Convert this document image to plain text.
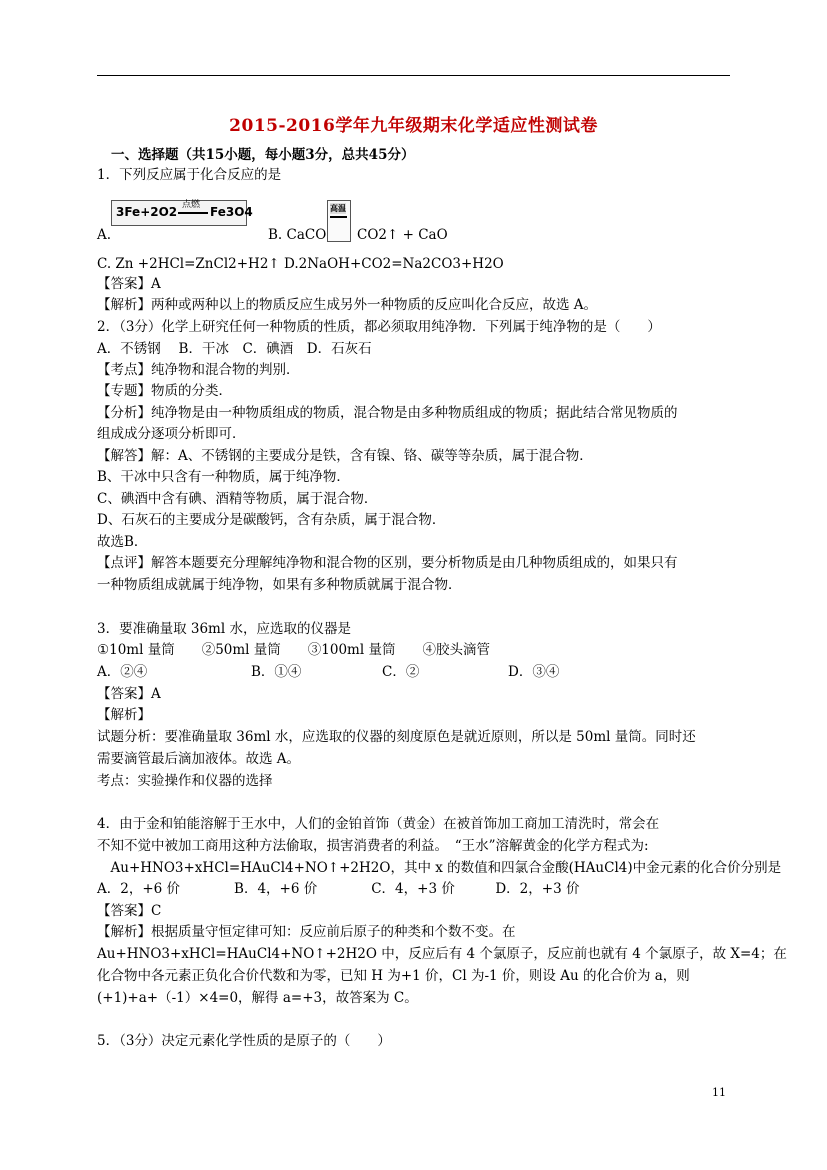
2015-2016学年九年级期末化学适应性测试卷
一、选择题（共15小题，每小题3分，总共45分）
1．下列反应属于化合反应的是
3Fe+2O2 点燃 Fe3O4
A.	B. CaCO
高温
CO2↑ + CaO
C. Zn +2HCl=ZnCl2+H2↑ D.2NaOH+CO2=Na2CO3+H2O
【答案】A
【解析】两种或两种以上的物质反应生成另外一种物质的反应叫化合反应，故选 A。
2．（3分）化学上研究任何一种物质的性质，都必须取用纯净物．下列属于纯净物的是（　　）
A．不锈钢　 B．干冰　C．碘酒　D．石灰石
【考点】纯净物和混合物的判别．
【专题】物质的分类．
【分析】纯净物是由一种物质组成的物质，混合物是由多种物质组成的物质；据此结合常见物质的
组成成分逐项分析即可．
【解答】解：A、不锈钢的主要成分是铁，含有镍、铬、碳等等杂质，属于混合物．
B、干冰中只含有一种物质，属于纯净物．
C、碘酒中含有碘、酒精等物质，属于混合物．
D、石灰石的主要成分是碳酸钙，含有杂质，属于混合物．
故选B．
【点评】解答本题要充分理解纯净物和混合物的区别，要分析物质是由几种物质组成的，如果只有
一种物质组成就属于纯净物，如果有多种物质就属于混合物．
3．要准确量取 36ml 水，应选取的仪器是
①10ml 量筒　　②50ml 量筒　　③100ml 量筒　　④胶头滴管
A．②④	B．①④	C．②	D．③④
【答案】A
【解析】
试题分析：要准确量取 36ml 水，应选取的仪器的刻度原色是就近原则，所以是 50ml 量筒。同时还
需要滴管最后滴加液体。故选 A。
考点：实验操作和仪器的选择
4．由于金和铂能溶解于王水中，人们的金铂首饰（黄金）在被首饰加工商加工清洗时，常会在
不知不觉中被加工商用这种方法偷取，损害消费者的利益。　“王水”溶解黄金的化学方程式为:
　Au+HNO3+xHCl=HAuCl4+NO↑+2H2O，其中 x 的数值和四氯合金酸(HAuCl4)中金元素的化合价分别是
A．2，+6 价　　　　B．4，+6 价　　　　C．4，+3 价　　　D．2，+3 价
【答案】C
【解析】根据质量守恒定律可知：反应前后原子的种类和个数不变。在
Au+HNO3+xHCl=HAuCl4+NO↑+2H2O 中，反应后有 4 个氯原子，反应前也就有 4 个氯原子，故 X=4；在
化合物中各元素正负化合价代数和为零，已知 H 为+1 价，Cl 为-1 价，则设 Au 的化合价为 a，则
(+1)+a+（-1）×4=0，解得 a=+3，故答案为 C。
5．（3分）决定元素化学性质的是原子的（　　）
11
